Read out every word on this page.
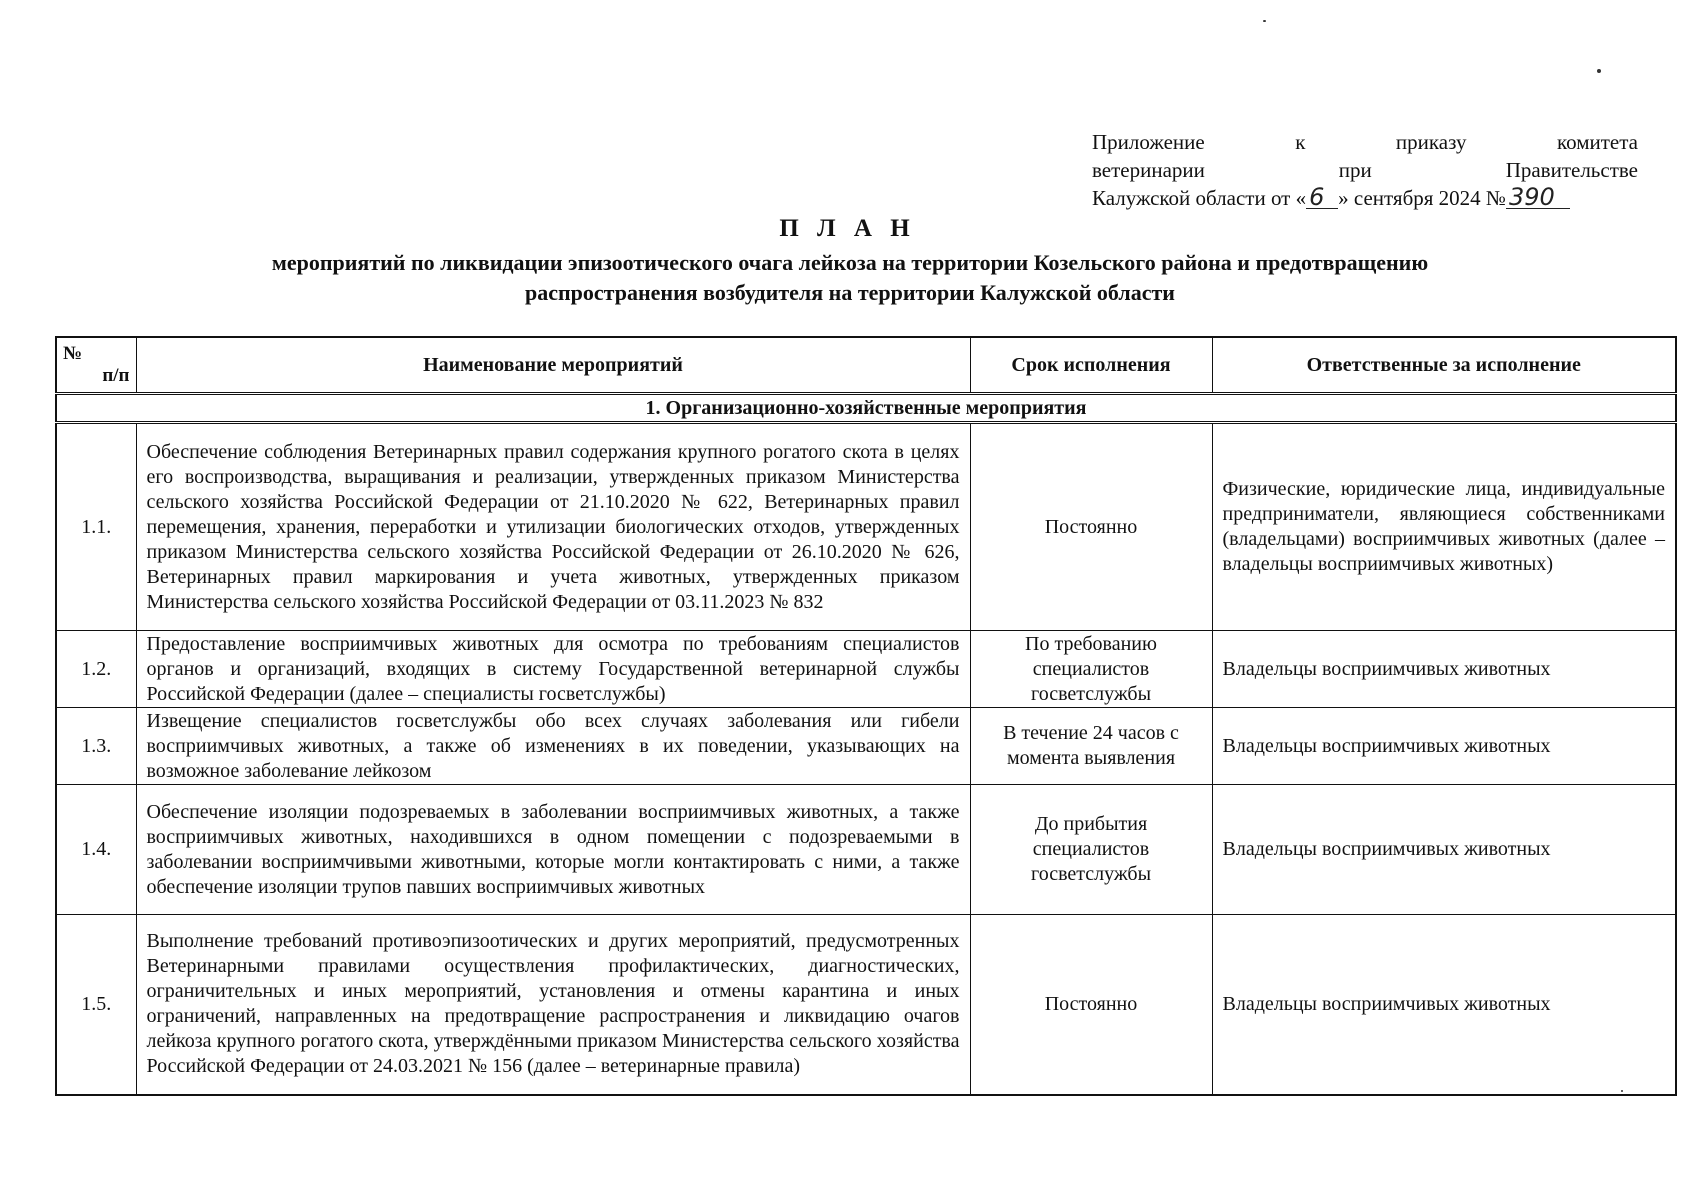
Приложение к приказу комитета
ветеринарии при Правительстве
Калужской области от « 6 » сентября 2024 № 390
П Л А Н
мероприятий по ликвидации эпизоотического очага лейкоза на территории Козельского района и предотвращению
распространения возбудителя на территории Калужской области
№
п/п	Наименование мероприятий	Срок исполнения	Ответственные за исполнение
1. Организационно-хозяйственные мероприятия			
1.1.	Обеспечение соблюдения Ветеринарных правил содержания крупного рогатого скота в целях его воспроизводства, выращивания и реализации, утвержденных приказом Министерства сельского хозяйства Российской Федерации от 21.10.2020 № 622, Ветеринарных правил перемещения, хранения, переработки и утилизации биологических отходов, утвержденных приказом Министерства сельского хозяйства Российской Федерации от 26.10.2020 № 626, Ветеринарных правил маркирования и учета животных, утвержденных приказом Министерства сельского хозяйства Российской Федерации от 03.11.2023 № 832	Постоянно	Физические, юридические лица, индивидуальные предприниматели, являющиеся собственниками (владельцами) восприимчивых животных (далее – владельцы восприимчивых животных)
1.2.	Предоставление восприимчивых животных для осмотра по требованиям специалистов органов и организаций, входящих в систему Государственной ветеринарной службы Российской Федерации (далее – специалисты госветслужбы)	По требованию специалистов госветслужбы	Владельцы восприимчивых животных
1.3.	Извещение специалистов госветслужбы обо всех случаях заболевания или гибели восприимчивых животных, а также об изменениях в их поведении, указывающих на возможное заболевание лейкозом	В течение 24 часов с момента выявления	Владельцы восприимчивых животных
1.4.	Обеспечение изоляции подозреваемых в заболевании восприимчивых животных, а также восприимчивых животных, находившихся в одном помещении с подозреваемыми в заболевании восприимчивыми животными, которые могли контактировать с ними, а также обеспечение изоляции трупов павших восприимчивых животных	До прибытия специалистов госветслужбы	Владельцы восприимчивых животных
1.5.	Выполнение требований противоэпизоотических и других мероприятий, предусмотренных Ветеринарными правилами осуществления профилактических, диагностических, ограничительных и иных мероприятий, установления и отмены карантина и иных ограничений, направленных на предотвращение распространения и ликвидацию очагов лейкоза крупного рогатого скота, утверждёнными приказом Министерства сельского хозяйства Российской Федерации от 24.03.2021 № 156 (далее – ветеринарные правила)	Постоянно	Владельцы восприимчивых животных
